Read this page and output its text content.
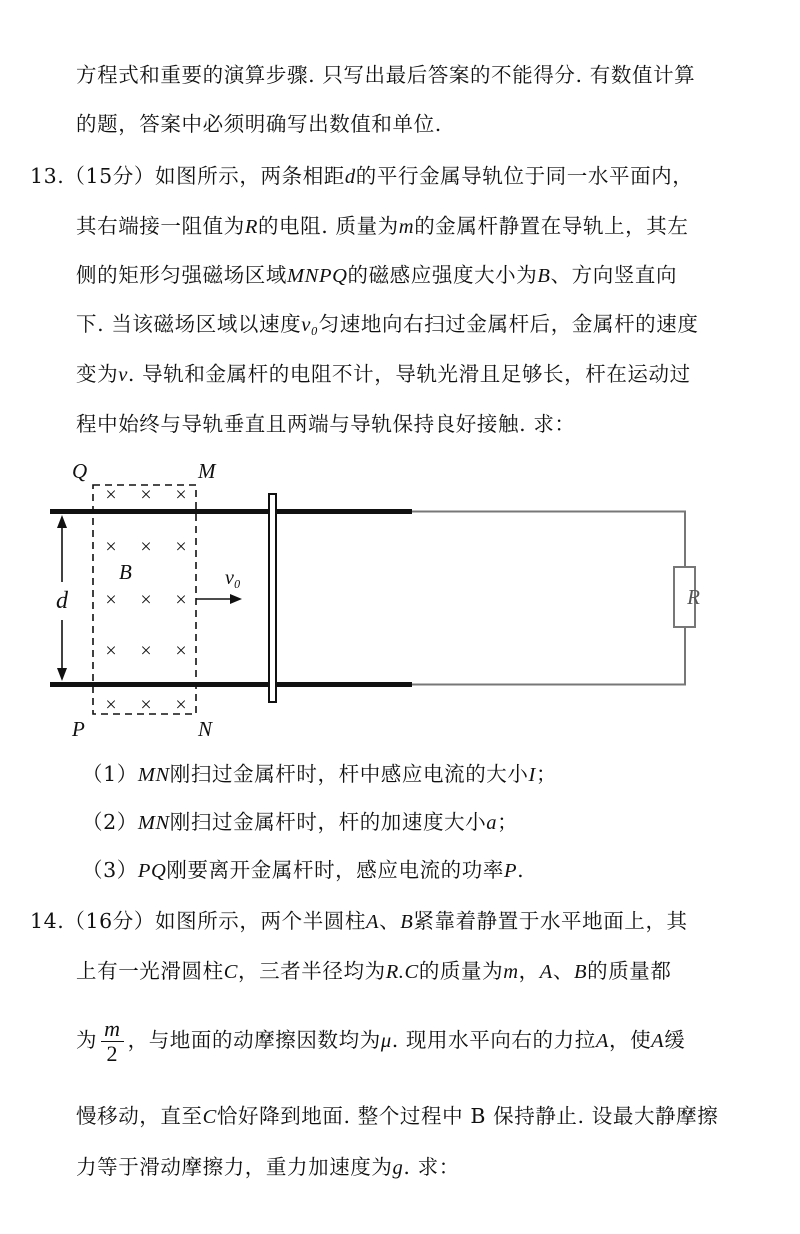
方程式和重要的演算步骤. 只写出最后答案的不能得分. 有数值计算
的题，答案中必须明确写出数值和单位.
13.（15分）如图所示，两条相距d的平行金属导轨位于同一水平面内，
其右端接一阻值为R的电阻. 质量为m的金属杆静置在导轨上，其左
侧的矩形匀强磁场区域MNPQ的磁感应强度大小为B、方向竖直向
下. 当该磁场区域以速度v₀匀速地向右扫过金属杆后，金属杆的速度
变为v. 导轨和金属杆的电阻不计，导轨光滑且足够长，杆在运动过
程中始终与导轨垂直且两端与导轨保持良好接触. 求：
R
× × ×
× × ×
× × ×
× × ×
× × ×
Q	M
P	N
B	v₀
d
（1）MN刚扫过金属杆时，杆中感应电流的大小I；
（2）MN刚扫过金属杆时，杆的加速度大小a；
（3）PQ刚要离开金属杆时，感应电流的功率P.
14.（16分）如图所示，两个半圆柱A、B紧靠着静置于水平地面上，其
上有一光滑圆柱C，三者半径均为R.C的质量为m，A、B的质量都
为 $\frac{m}{2}$ ，与地面的动摩擦因数均为μ. 现用水平向右的力拉A，使A缓
慢移动，直至C恰好降到地面. 整个过程中 B 保持静止. 设最大静摩擦
力等于滑动摩擦力，重力加速度为g. 求：
